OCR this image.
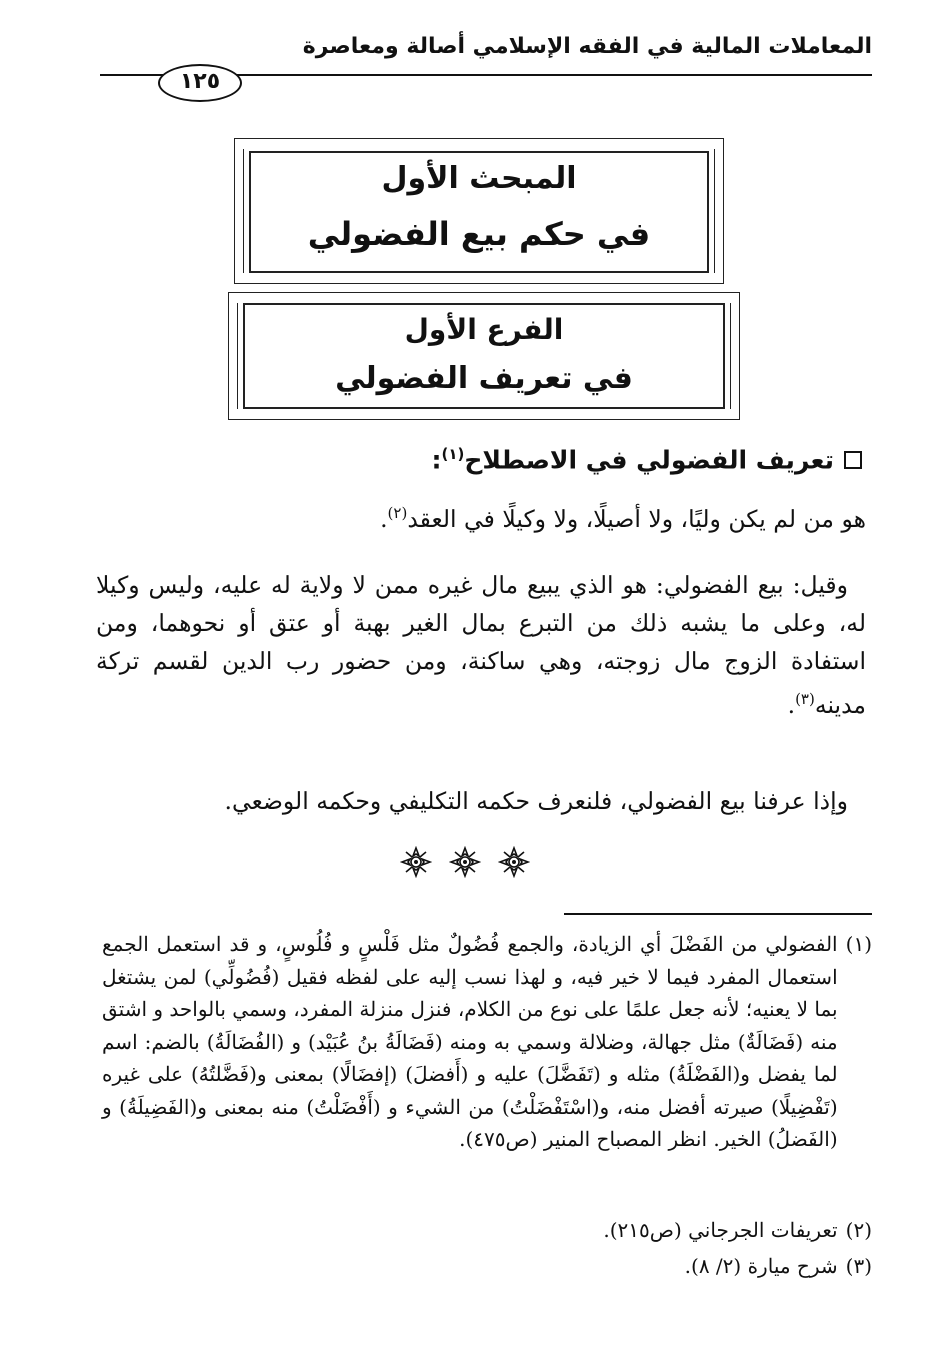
المعاملات المالية في الفقه الإسلامي أصالة ومعاصرة
١٢٥
المبحث الأول
في حكم بيع الفضولي
الفرع الأول
في تعريف الفضولي
تعريف الفضولي في الاصطلاح$^{(١)}$:

هو من لم يكن وليًا، ولا أصيلًا، ولا وكيلًا في العقد$^{(٢)}$.

وقيل: بيع الفضولي: هو الذي يبيع مال غيره ممن لا ولاية له عليه، وليس وكيلا له، وعلى ما يشبه ذلك من التبرع بمال الغير بهبة أو عتق أو نحوهما، ومن استفادة الزوج مال زوجته، وهي ساكنة، ومن حضور رب الدين لقسم تركة مدينه$^{(٣)}$.

وإذا عرفنا بيع الفضولي، فلنعرف حكمه التكليفي وحكمه الوضعي.

(١)
الفضولي من الفَضْلَ أي الزيادة، والجمع فُضُولٌ مثل فَلْسٍ و فُلُوسٍ، و قد استعمل الجمع استعمال المفرد فيما لا خير فيه، و لهذا نسب إليه على لفظه فقيل (فُضُولِّي) لمن يشتغل بما لا يعنيه؛ لأنه جعل علمًا على نوع من الكلام، فنزل منزلة المفرد، وسمي بالواحد و اشتق منه (فَضَالَةٌ) مثل جهالة، وضلالة وسمي به ومنه (فَضَالَةُ بنُ عُبَيْد) و (الفُضَالَةُ) بالضم: اسم لما يفضل و(الفَضْلَةُ) مثله و (تَفَضَّلَ) عليه و (أَفضلَ) (إفضَالًا) بمعنى و(فَضَّلتُهُ) على غيره (تَفْضِيلًا) صيرته أفضل منه، و(اسْتَفْضَلْتُ) من الشيء و (أَفْضَلْتُ) منه بمعنى و(الفَضِيلَةُ) و (الفَضلُ) الخير. انظر المصباح المنير (ص٤٧٥).
(٢)
تعريفات الجرجاني (ص٢١٥).
(٣)
شرح ميارة (٢/ ٨).
